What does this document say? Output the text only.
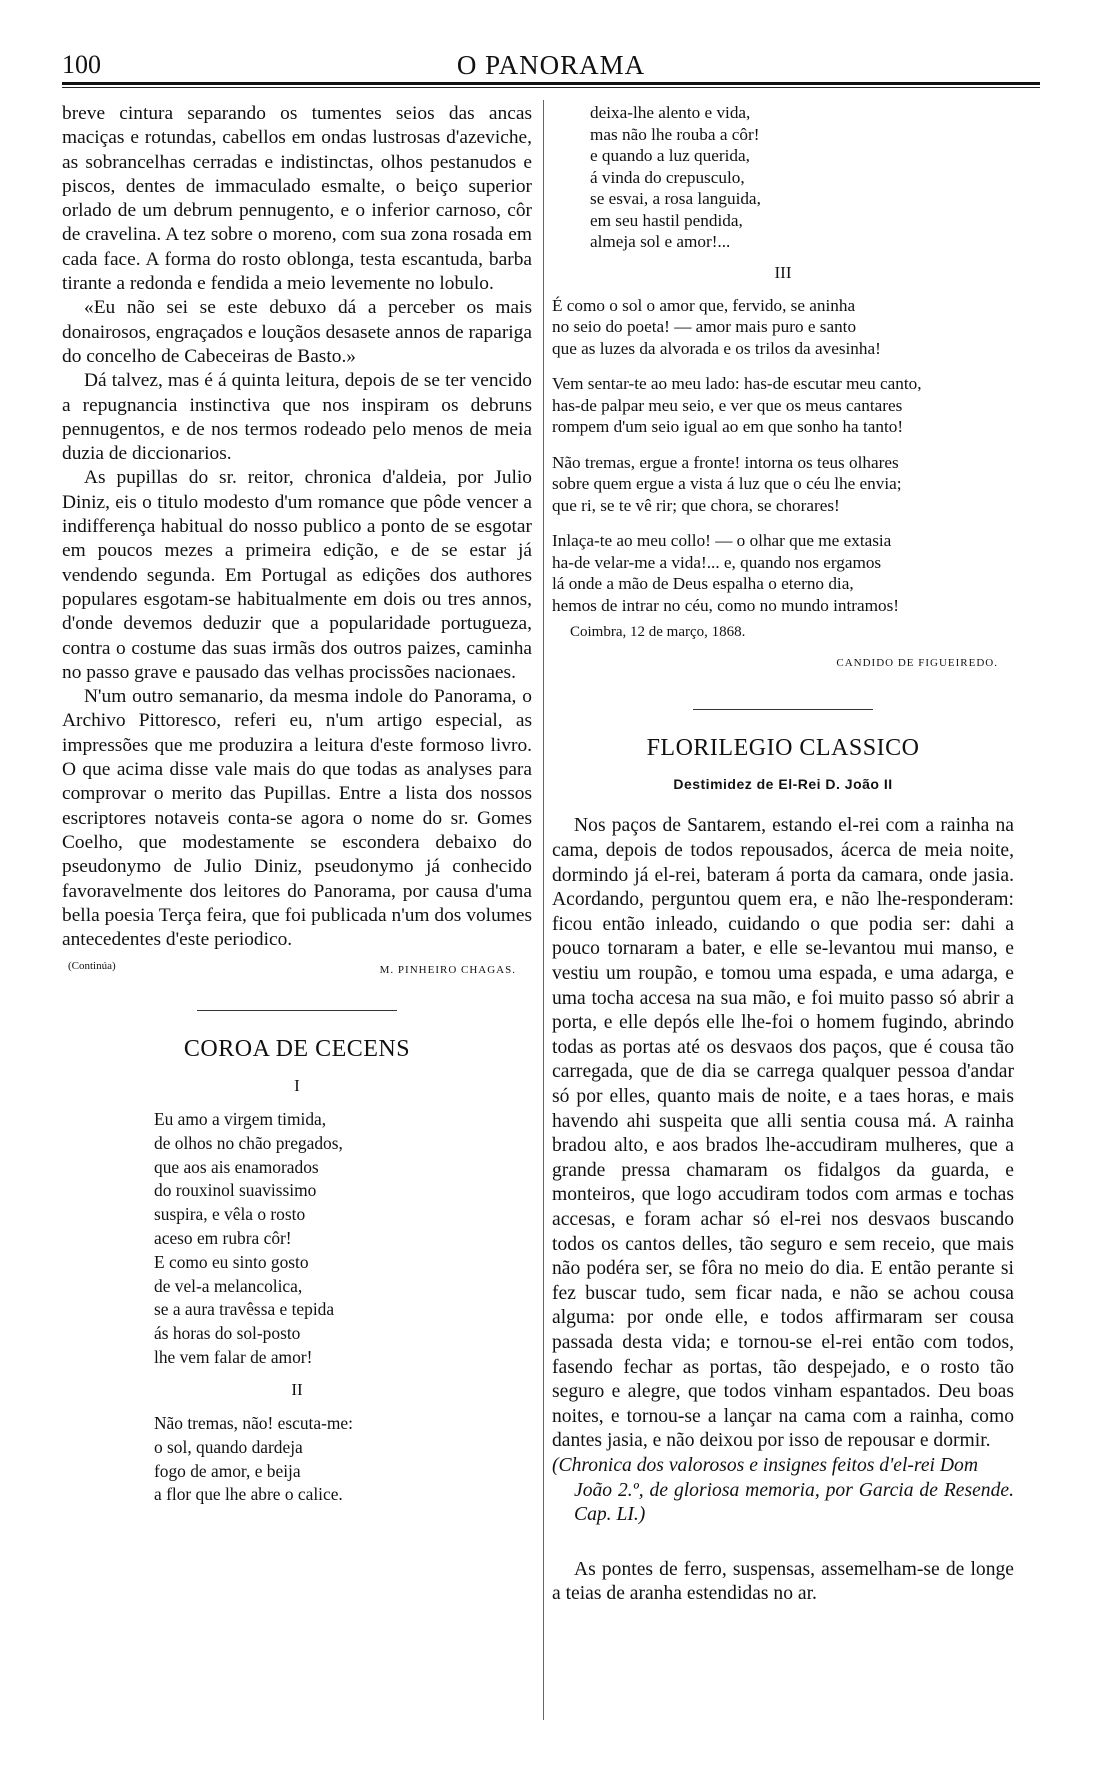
100	O PANORAMA

breve cintura separando os tumentes seios das ancas maciças e rotundas, cabellos em ondas lustrosas d'azeviche, as sobrancelhas cerradas e indistinctas, olhos pestanudos e piscos, dentes de immaculado esmalte, o beiço superior orlado de um debrum pennugento, e o inferior carnoso, côr de cravelina. A tez sobre o moreno, com sua zona rosada em cada face. A forma do rosto oblonga, testa escantuda, barba tirante a redonda e fendida a meio levemente no lobulo.

«Eu não sei se este debuxo dá a perceber os mais donairosos, engraçados e louçãos desasete annos de rapariga do concelho de Cabeceiras de Basto.»

Dá talvez, mas é á quinta leitura, depois de se ter vencido a repugnancia instinctiva que nos inspiram os debruns pennugentos, e de nos termos rodeado pelo menos de meia duzia de diccionarios.

As pupillas do sr. reitor, chronica d'aldeia, por Julio Diniz, eis o titulo modesto d'um romance que pôde vencer a indifferença habitual do nosso publico a ponto de se esgotar em poucos mezes a primeira edição, e de se estar já vendendo segunda. Em Portugal as edições dos authores populares esgotam-se habitualmente em dois ou tres annos, d'onde devemos deduzir que a popularidade portugueza, contra o costume das suas irmãs dos outros paizes, caminha no passo grave e pausado das velhas procissões nacionaes.

N'um outro semanario, da mesma indole do Panorama, o Archivo Pittoresco, referi eu, n'um artigo especial, as impressões que me produzira a leitura d'este formoso livro. O que acima disse vale mais do que todas as analyses para comprovar o merito das Pupillas. Entre a lista dos nossos escriptores notaveis conta-se agora o nome do sr. Gomes Coelho, que modestamente se escondera debaixo do pseudonymo de Julio Diniz, pseudonymo já conhecido favoravelmente dos leitores do Panorama, por causa d'uma bella poesia Terça feira, que foi publicada n'um dos volumes antecedentes d'este periodico.

(Continúa)	M. PINHEIRO CHAGAS.
COROA DE CECENS
I
Eu amo a virgem timida,
de olhos no chão pregados,
que aos ais enamorados
do rouxinol suavissimo
suspira, e vêla o rosto
aceso em rubra côr!
E como eu sinto gosto
de vel-a melancolica,
se a aura travêssa e tepida
ás horas do sol-posto
lhe vem falar de amor!
II
Não tremas, não! escuta-me:
o sol, quando dardeja
fogo de amor, e beija
a flor que lhe abre o calice.
deixa-lhe alento e vida,
mas não lhe rouba a côr!
e quando a luz querida,
á vinda do crepusculo,
se esvai, a rosa languida,
em seu hastil pendida,
almeja sol e amor!...
III
É como o sol o amor que, fervido, se aninha
no seio do poeta! — amor mais puro e santo
que as luzes da alvorada e os trilos da avesinha!
Vem sentar-te ao meu lado: has-de escutar meu canto,
has-de palpar meu seio, e ver que os meus cantares
rompem d'um seio igual ao em que sonho ha tanto!
Não tremas, ergue a fronte! intorna os teus olhares
sobre quem ergue a vista á luz que o céu lhe envia;
que ri, se te vê rir; que chora, se chorares!
Inlaça-te ao meu collo! — o olhar que me extasia
ha-de velar-me a vida!... e, quando nos ergamos
lá onde a mão de Deus espalha o eterno dia,
hemos de intrar no céu, como no mundo intramos!
Coimbra, 12 de março, 1868.
CANDIDO DE FIGUEIREDO.
FLORILEGIO CLASSICO
Destimidez de El-Rei D. João II

Nos paços de Santarem, estando el-rei com a rainha na cama, depois de todos repousados, ácerca de meia noite, dormindo já el-rei, bateram á porta da camara, onde jasia. Acordando, perguntou quem era, e não lhe-responderam: ficou então inleado, cuidando o que podia ser: dahi a pouco tornaram a bater, e elle se-levantou mui manso, e vestiu um roupão, e tomou uma espada, e uma adarga, e uma tocha accesa na sua mão, e foi muito passo só abrir a porta, e elle depós elle lhe-foi o homem fugindo, abrindo todas as portas até os desvaos dos paços, que é cousa tão carregada, que de dia se carrega qualquer pessoa d'andar só por elles, quanto mais de noite, e a taes horas, e mais havendo ahi suspeita que alli sentia cousa má. A rainha bradou alto, e aos brados lhe-accudiram mulheres, que a grande pressa chamaram os fidalgos da guarda, e monteiros, que logo accudiram todos com armas e tochas accesas, e foram achar só el-rei nos desvaos buscando todos os cantos delles, tão seguro e sem receio, que mais não podéra ser, se fôra no meio do dia. E então perante si fez buscar tudo, sem ficar nada, e não se achou cousa alguma: por onde elle, e todos affirmaram ser cousa passada desta vida; e tornou-se el-rei então com todos, fasendo fechar as portas, tão despejado, e o rosto tão seguro e alegre, que todos vinham espantados. Deu boas noites, e tornou-se a lançar na cama com a rainha, como dantes jasia, e não deixou por isso de repousar e dormir.

(Chronica dos valorosos e insignes feitos d'el-rei Dom

João 2.º, de gloriosa memoria, por Garcia de Resende. Cap. LI.)

As pontes de ferro, suspensas, assemelham-se de longe a teias de aranha estendidas no ar.
